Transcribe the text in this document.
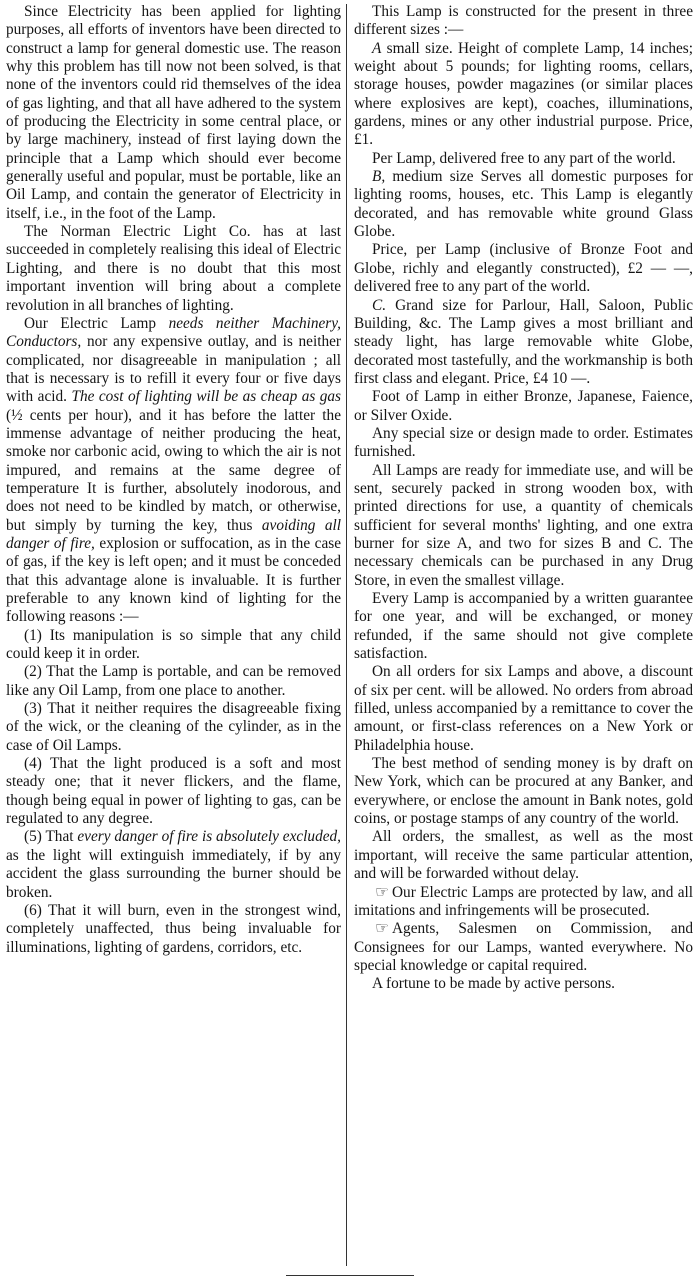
Since Electricity has been applied for lighting purposes, all efforts of inventors have been directed to construct a lamp for general domestic use. The reason why this problem has till now not been solved, is that none of the inventors could rid themselves of the idea of gas lighting, and that all have adhered to the system of producing the Electricity in some central place, or by large machinery, instead of first laying down the principle that a Lamp which should ever become generally useful and popular, must be portable, like an Oil Lamp, and contain the generator of Electricity in itself, i.e., in the foot of the Lamp.

The Norman Electric Light Co. has at last succeeded in completely realising this ideal of Electric Lighting, and there is no doubt that this most important invention will bring about a complete revolution in all branches of lighting.

Our Electric Lamp needs neither Machinery, Conductors, nor any expensive outlay, and is neither complicated, nor disagreeable in manipulation ; all that is necessary is to refill it every four or five days with acid. The cost of lighting will be as cheap as gas (½ cents per hour), and it has before the latter the immense advantage of neither producing the heat, smoke nor carbonic acid, owing to which the air is not impured, and remains at the same degree of temperature It is further, absolutely inodorous, and does not need to be kindled by match, or otherwise, but simply by turning the key, thus avoiding all danger of fire, explosion or suffocation, as in the case of gas, if the key is left open; and it must be conceded that this advantage alone is invaluable. It is further preferable to any known kind of lighting for the following reasons :—

(1) Its manipulation is so simple that any child could keep it in order.

(2) That the Lamp is portable, and can be removed like any Oil Lamp, from one place to another.

(3) That it neither requires the disagreeable fixing of the wick, or the cleaning of the cylinder, as in the case of Oil Lamps.

(4) That the light produced is a soft and most steady one; that it never flickers, and the flame, though being equal in power of lighting to gas, can be regulated to any degree.

(5) That every danger of fire is absolutely excluded, as the light will extinguish immediately, if by any accident the glass surrounding the burner should be broken.

(6) That it will burn, even in the strongest wind, completely unaffected, thus being invaluable for illuminations, lighting of gardens, corridors, etc.

This Lamp is constructed for the present in three different sizes :—

A small size. Height of complete Lamp, 14 inches; weight about 5 pounds; for lighting rooms, cellars, storage houses, powder magazines (or similar places where explosives are kept), coaches, illuminations, gardens, mines or any other industrial purpose. Price, £1.

Per Lamp, delivered free to any part of the world.

B, medium size Serves all domestic purposes for lighting rooms, houses, etc. This Lamp is elegantly decorated, and has removable white ground Glass Globe.

Price, per Lamp (inclusive of Bronze Foot and Globe, richly and elegantly constructed), £2 — —, delivered free to any part of the world.

C. Grand size for Parlour, Hall, Saloon, Public Building, &c. The Lamp gives a most brilliant and steady light, has large removable white Globe, decorated most tastefully, and the workmanship is both first class and elegant. Price, £4 10 —.

Foot of Lamp in either Bronze, Japanese, Faience, or Silver Oxide.

Any special size or design made to order. Estimates furnished.

All Lamps are ready for immediate use, and will be sent, securely packed in strong wooden box, with printed directions for use, a quantity of chemicals sufficient for several months' lighting, and one extra burner for size A, and two for sizes B and C. The necessary chemicals can be purchased in any Drug Store, in even the smallest village.

Every Lamp is accompanied by a written guarantee for one year, and will be exchanged, or money refunded, if the same should not give complete satisfaction.

On all orders for six Lamps and above, a discount of six per cent. will be allowed. No orders from abroad filled, unless accompanied by a remittance to cover the amount, or first-class references on a New York or Philadelphia house.

The best method of sending money is by draft on New York, which can be procured at any Banker, and everywhere, or enclose the amount in Bank notes, gold coins, or postage stamps of any country of the world.

All orders, the smallest, as well as the most important, will receive the same particular attention, and will be forwarded without delay.

☞ Our Electric Lamps are protected by law, and all imitations and infringements will be prosecuted.

☞ Agents, Salesmen on Commission, and Consignees for our Lamps, wanted everywhere. No special knowledge or capital required.

A fortune to be made by active persons.
